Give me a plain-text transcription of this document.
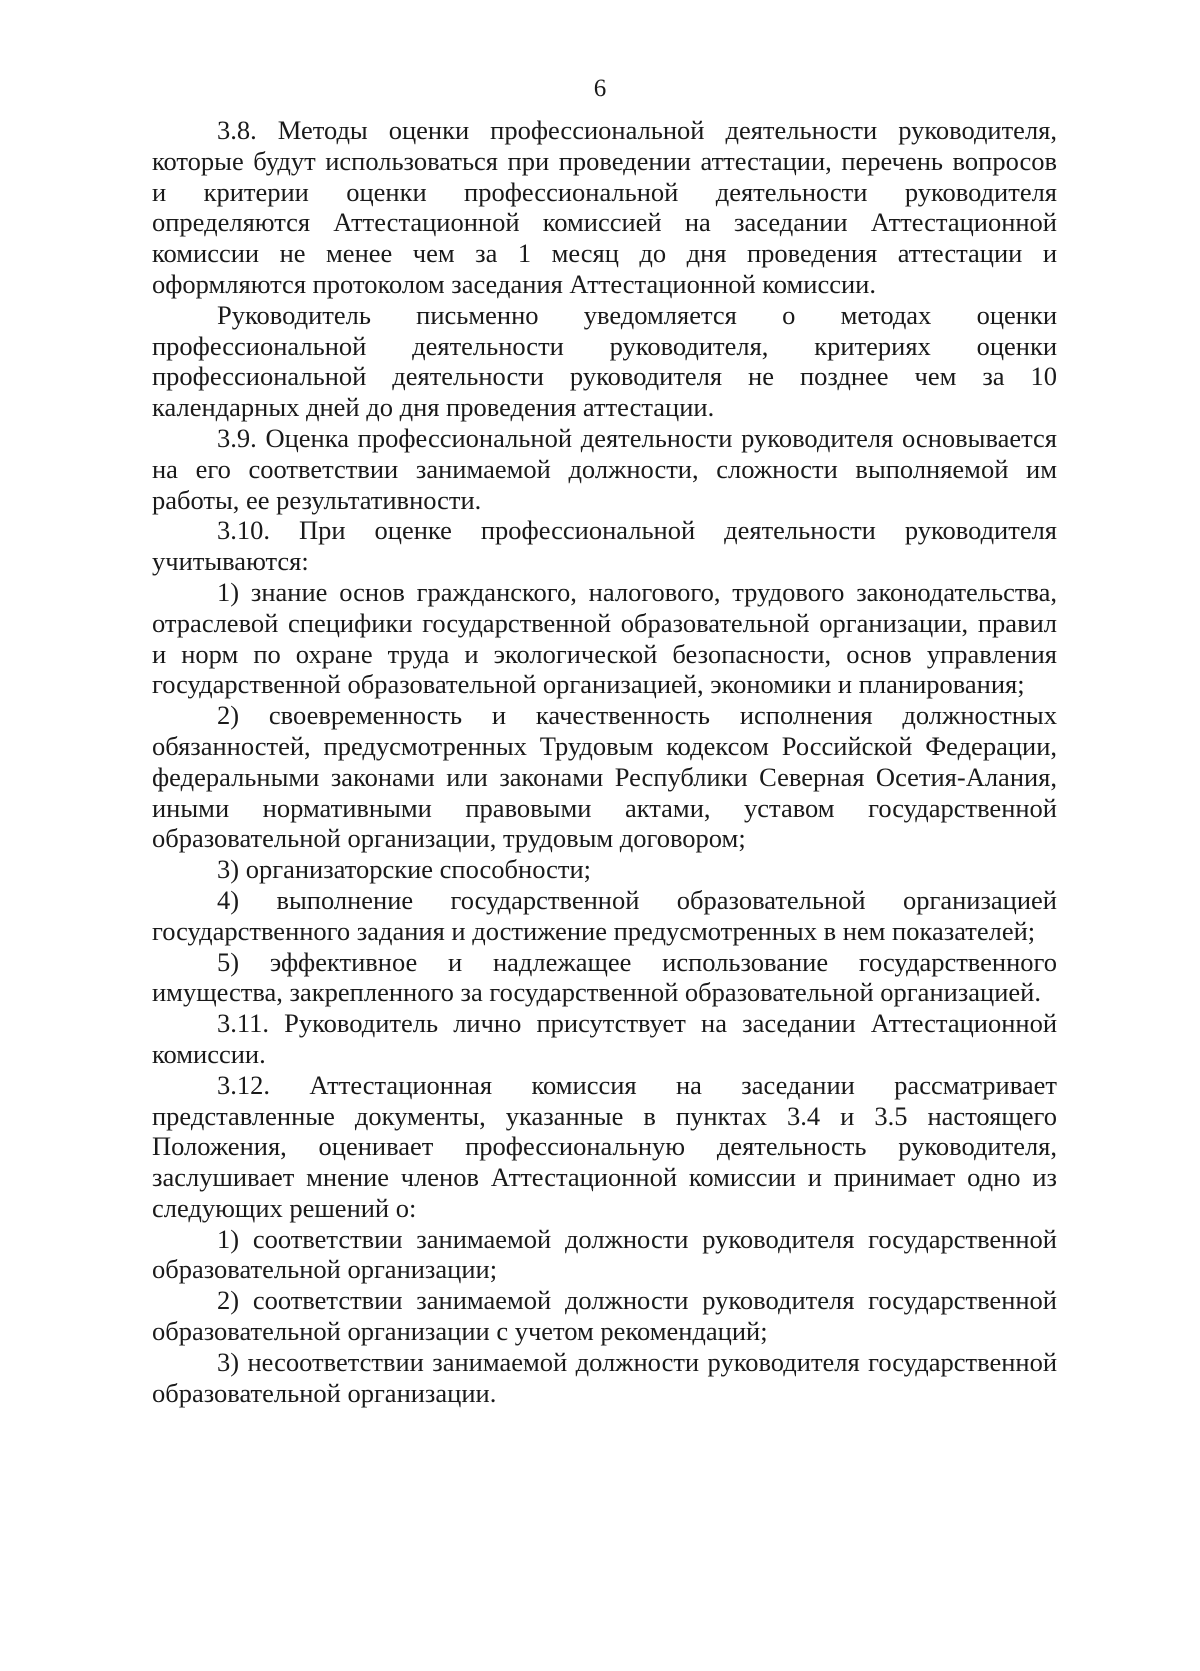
6

3.8. Методы оценки профессиональной деятельности руководителя, которые будут использоваться при проведении аттестации, перечень вопросов и критерии оценки профессиональной деятельности руководителя определяются Аттестационной комиссией на заседании Аттестационной комиссии не менее чем за 1 месяц до дня проведения аттестации и оформляются протоколом заседания Аттестационной комиссии.

Руководитель письменно уведомляется о методах оценки профессиональной деятельности руководителя, критериях оценки профессиональной деятельности руководителя не позднее чем за 10 календарных дней до дня проведения аттестации.

3.9. Оценка профессиональной деятельности руководителя основывается на его соответствии занимаемой должности, сложности выполняемой им работы, ее результативности.

3.10. При оценке профессиональной деятельности руководителя учитываются:

1) знание основ гражданского, налогового, трудового законодательства, отраслевой специфики государственной образовательной организации, правил и норм по охране труда и экологической безопасности, основ управления государственной образовательной организацией, экономики и планирования;

2) своевременность и качественность исполнения должностных обязанностей, предусмотренных Трудовым кодексом Российской Федерации, федеральными законами или законами Республики Северная Осетия-Алания, иными нормативными правовыми актами, уставом государственной образовательной организации, трудовым договором;

3) организаторские способности;

4) выполнение государственной образовательной организацией государственного задания и достижение предусмотренных в нем показателей;

5) эффективное и надлежащее использование государственного имущества, закрепленного за государственной образовательной организацией.

3.11. Руководитель лично присутствует на заседании Аттестационной комиссии.

3.12. Аттестационная комиссия на заседании рассматривает представленные документы, указанные в пунктах 3.4 и 3.5 настоящего Положения, оценивает профессиональную деятельность руководителя, заслушивает мнение членов Аттестационной комиссии и принимает одно из следующих решений о:

1) соответствии занимаемой должности руководителя государственной образовательной организации;

2) соответствии занимаемой должности руководителя государственной образовательной организации с учетом рекомендаций;

3) несоответствии занимаемой должности руководителя государственной образовательной организации.
